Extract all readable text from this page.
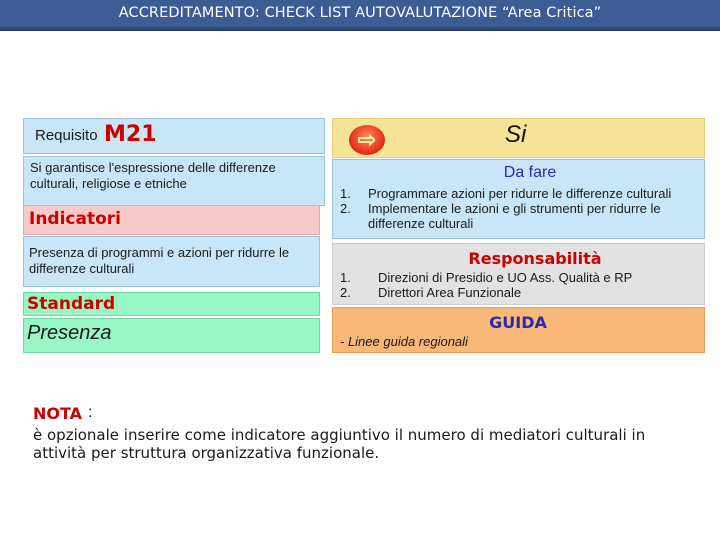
ACCREDITAMENTO: CHECK LIST AUTOVALUTAZIONE “Area Critica”
Requisito M21
Si garantisce l'espressione delle differenze culturali, religiose e etniche
Indicatori
Presenza di programmi e azioni per ridurre le differenze culturali
Standard
Presenza
⇨	Si
Da fare
1.	Programmare azioni per ridurre le differenze culturali
2.	Implementare le azioni e gli strumenti per ridurre le differenze culturali
Responsabilità
1.	Direzioni di Presidio e UO Ass. Qualità e RP
2.	Direttori Area Funzionale
GUIDA
- Linee guida regionali
NOTA :
è opzionale inserire come indicatore aggiuntivo il numero di mediatori culturali in attività per struttura organizzativa funzionale.
